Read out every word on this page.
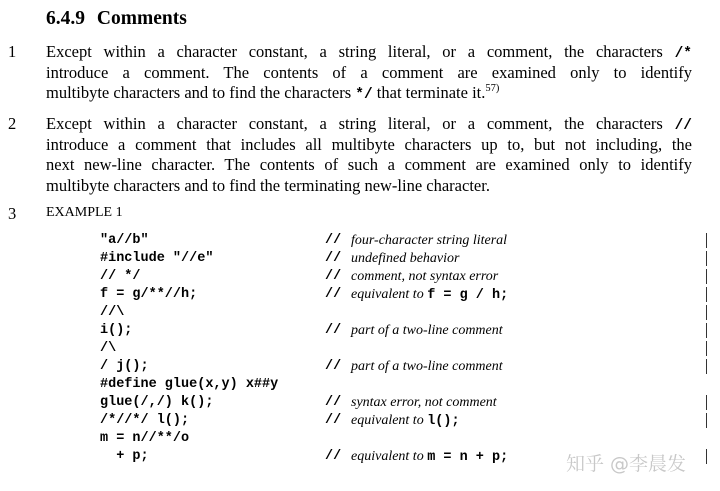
6.4.9 Comments
1 Except within a character constant, a string literal, or a comment, the characters /*
introduce a comment. The contents of a comment are examined only to identify
multibyte characters and to find the characters */ that terminate it.$^{57)}$
2 Except within a character constant, a string literal, or a comment, the characters //
introduce a comment that includes all multibyte characters up to, but not including, the
next new-line character. The contents of such a comment are examined only to identify
multibyte characters and to find the terminating new-line character.
3 EXAMPLE 1
"a//b"	// four-character string literal
#include "//e"	// undefined behavior
// */	// comment, not syntax error
f = g/**//h;	// equivalent to f = g / h;
//\
i();	// part of a two-line comment
/\
/ j();	// part of a two-line comment
#define glue(x,y) x##y
glue(/,/) k();	// syntax error, not comment
/*//*/ l();	// equivalent to l();
m = n//**/o
+ p;	// equivalent to m = n + p;	知乎 @李晨发
